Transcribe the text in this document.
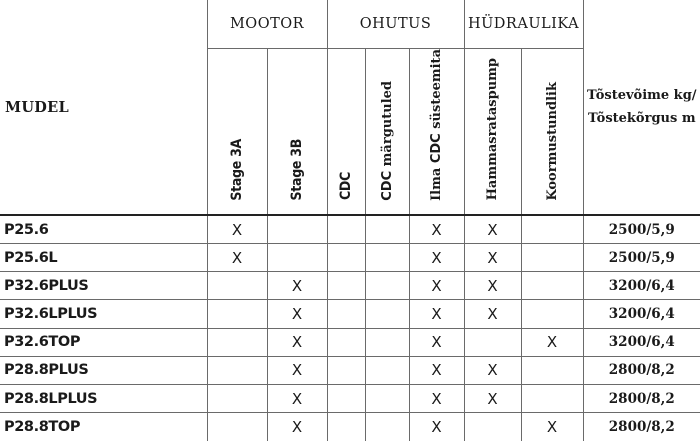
MUDEL	MOOTOR		OHUTUS			HÜDRAULIKA		Tõstevõime kg/
Tõstekõrgus m
	Stage 3A	Stage 3B	CDC	CDC märgutuled	Ilma CDC süsteemita	Hammasrataspump	Koormustundlik	
P25.6	X				X	X		2500/5,9
P25.6L	X				X	X		2500/5,9
P32.6PLUS		X			X	X		3200/6,4
P32.6LPLUS		X			X	X		3200/6,4
P32.6TOP		X			X		X	3200/6,4
P28.8PLUS		X			X	X		2800/8,2
P28.8LPLUS		X			X	X		2800/8,2
P28.8TOP		X			X		X	2800/8,2
